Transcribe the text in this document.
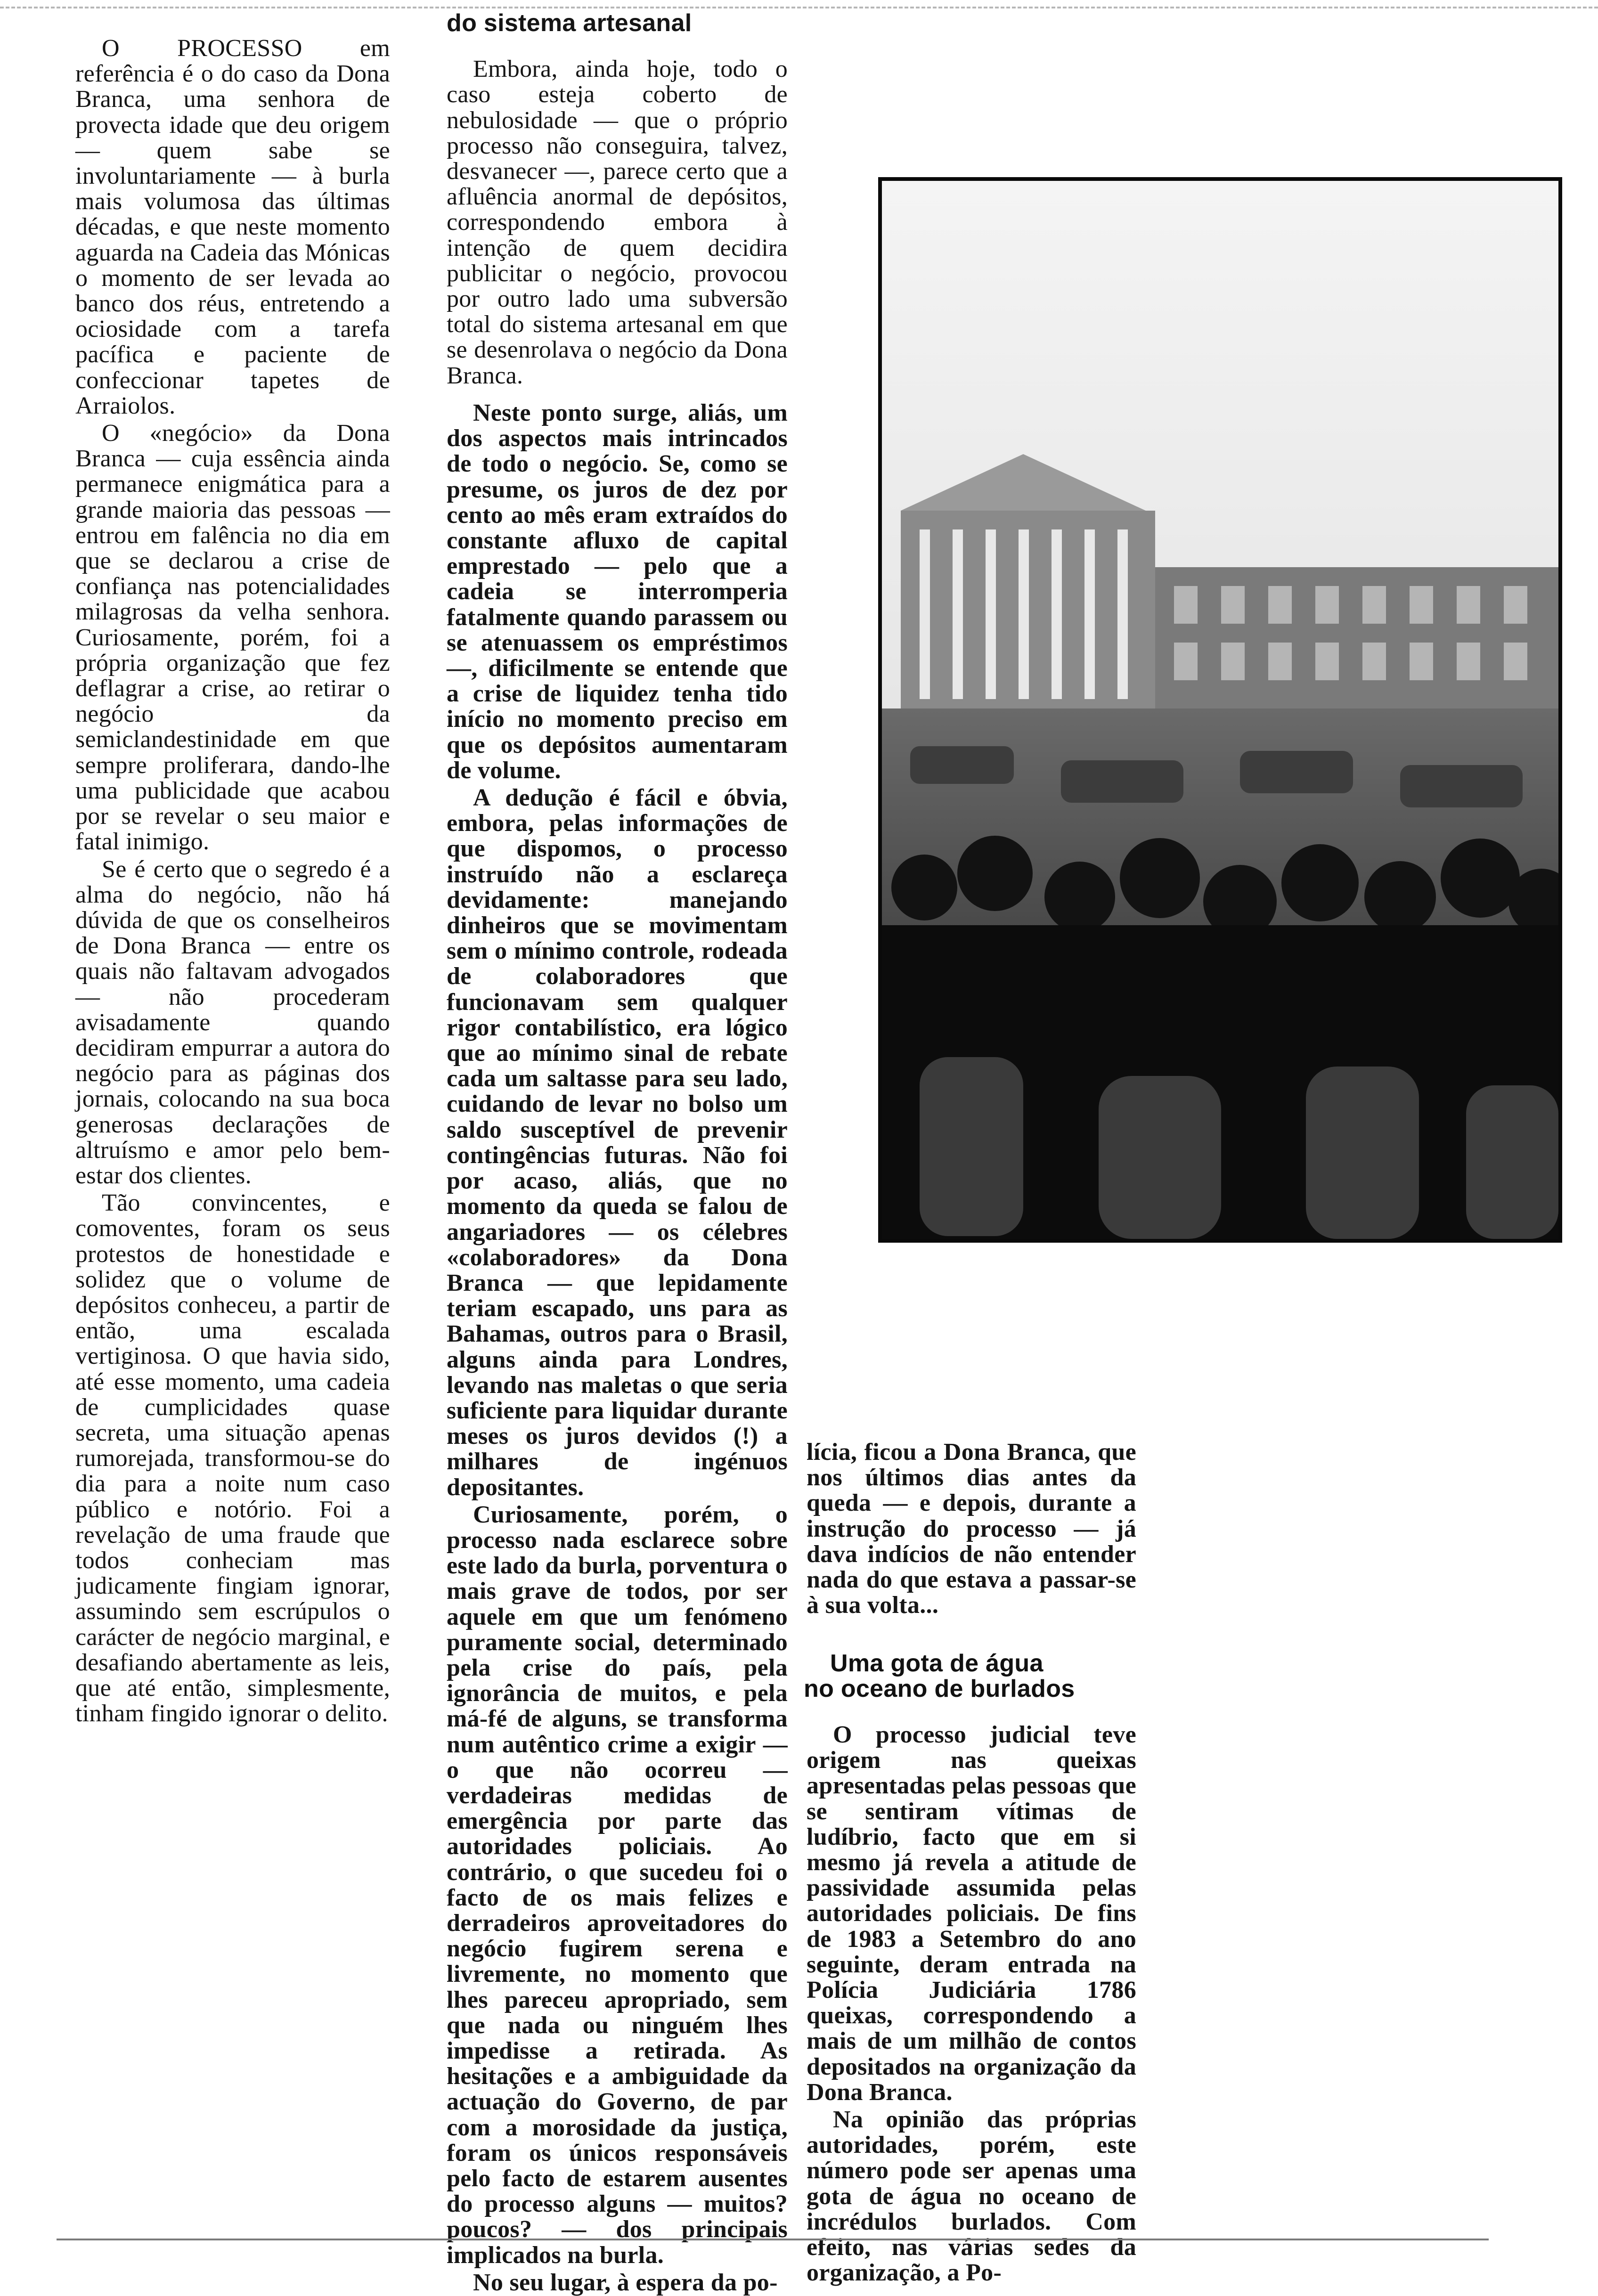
O PROCESSO em referência é o do caso da Dona Branca, uma senhora de provecta idade que deu origem — quem sabe se involuntariamente — à burla mais volumosa das últimas décadas, e que neste momento aguarda na Cadeia das Mónicas o momento de ser levada ao banco dos réus, entretendo a ociosidade com a tarefa pacífica e paciente de confeccionar tapetes de Arraiolos.

O «negócio» da Dona Branca — cuja essência ainda permanece enigmática para a grande maioria das pessoas — entrou em falência no dia em que se declarou a crise de confiança nas potencialidades milagrosas da velha senhora. Curiosamente, porém, foi a própria organização que fez deflagrar a crise, ao retirar o negócio da semiclandestinidade em que sempre proliferara, dando-lhe uma publicidade que acabou por se revelar o seu maior e fatal inimigo.

Se é certo que o segredo é a alma do negócio, não há dúvida de que os conselheiros de Dona Branca — entre os quais não faltavam advogados — não procederam avisadamente quando decidiram empurrar a autora do negócio para as páginas dos jornais, colocando na sua boca generosas declarações de altruísmo e amor pelo bem-estar dos clientes.

Tão convincentes, e comoventes, foram os seus protestos de honestidade e solidez que o volume de depósitos conheceu, a partir de então, uma escalada vertiginosa. O que havia sido, até esse momento, uma cadeia de cumplicidades quase secreta, uma situação apenas rumorejada, transformou-se do dia para a noite num caso público e notório. Foi a revelação de uma fraude que todos conheciam mas judicamente fingiam ignorar, assumindo sem escrúpulos o carácter de negócio marginal, e desafiando abertamente as leis, que até então, simplesmente, tinham fingido ignorar o delito.

do sistema artesanal

Embora, ainda hoje, todo o caso esteja coberto de nebulosidade — que o próprio processo não conseguira, talvez, desvanecer —, parece certo que a afluência anormal de depósitos, correspondendo embora à intenção de quem decidira publicitar o negócio, provocou por outro lado uma subversão total do sistema artesanal em que se desenrolava o negócio da Dona Branca.

Neste ponto surge, aliás, um dos aspectos mais intrincados de todo o negócio. Se, como se presume, os juros de dez por cento ao mês eram extraídos do constante afluxo de capital emprestado — pelo que a cadeia se interromperia fatalmente quando parassem ou se atenuassem os empréstimos —, dificilmente se entende que a crise de liquidez tenha tido início no momento preciso em que os depósitos aumentaram de volume.

A dedução é fácil e óbvia, embora, pelas informações de que dispomos, o processo instruído não a esclareça devidamente: manejando dinheiros que se movimentam sem o mínimo controle, rodeada de colaboradores que funcionavam sem qualquer rigor contabilístico, era lógico que ao mínimo sinal de rebate cada um saltasse para seu lado, cuidando de levar no bolso um saldo susceptível de prevenir contingências futuras. Não foi por acaso, aliás, que no momento da queda se falou de angariadores — os célebres «colaboradores» da Dona Branca — que lepidamente teriam escapado, uns para as Bahamas, outros para o Brasil, alguns ainda para Londres, levando nas maletas o que seria suficiente para liquidar durante meses os juros devidos (!) a milhares de ingénuos depositantes.

Curiosamente, porém, o processo nada esclarece sobre este lado da burla, porventura o mais grave de todos, por ser aquele em que um fenómeno puramente social, determinado pela crise do país, pela ignorância de muitos, e pela má-fé de alguns, se transforma num autêntico crime a exigir — o que não ocorreu — verdadeiras medidas de emergência por parte das autoridades policiais. Ao contrário, o que sucedeu foi o facto de os mais felizes e derradeiros aproveitadores do negócio fugirem serena e livremente, no momento que lhes pareceu apropriado, sem que nada ou ninguém lhes impedisse a retirada. As hesitações e a ambiguidade da actuação do Governo, de par com a morosidade da justiça, foram os únicos responsáveis pelo facto de estarem ausentes do processo alguns — muitos? poucos? — dos principais implicados na burla.

No seu lugar, à espera da po-

lícia, ficou a Dona Branca, que nos últimos dias antes da queda — e depois, durante a instrução do processo — já dava indícios de não entender nada do que estava a passar-se à sua volta...

Uma gota de água
no oceano de burlados

O processo judicial teve origem nas queixas apresentadas pelas pessoas que se sentiram vítimas de ludíbrio, facto que em si mesmo já revela a atitude de passividade assumida pelas autoridades policiais. De fins de 1983 a Setembro do ano seguinte, deram entrada na Polícia Judiciária 1786 queixas, correspondendo a mais de um milhão de contos depositados na organização da Dona Branca.

Na opinião das próprias autoridades, porém, este número pode ser apenas uma gota de água no oceano de incrédulos burlados. Com efeito, nas várias sedes da organização, a Po-
